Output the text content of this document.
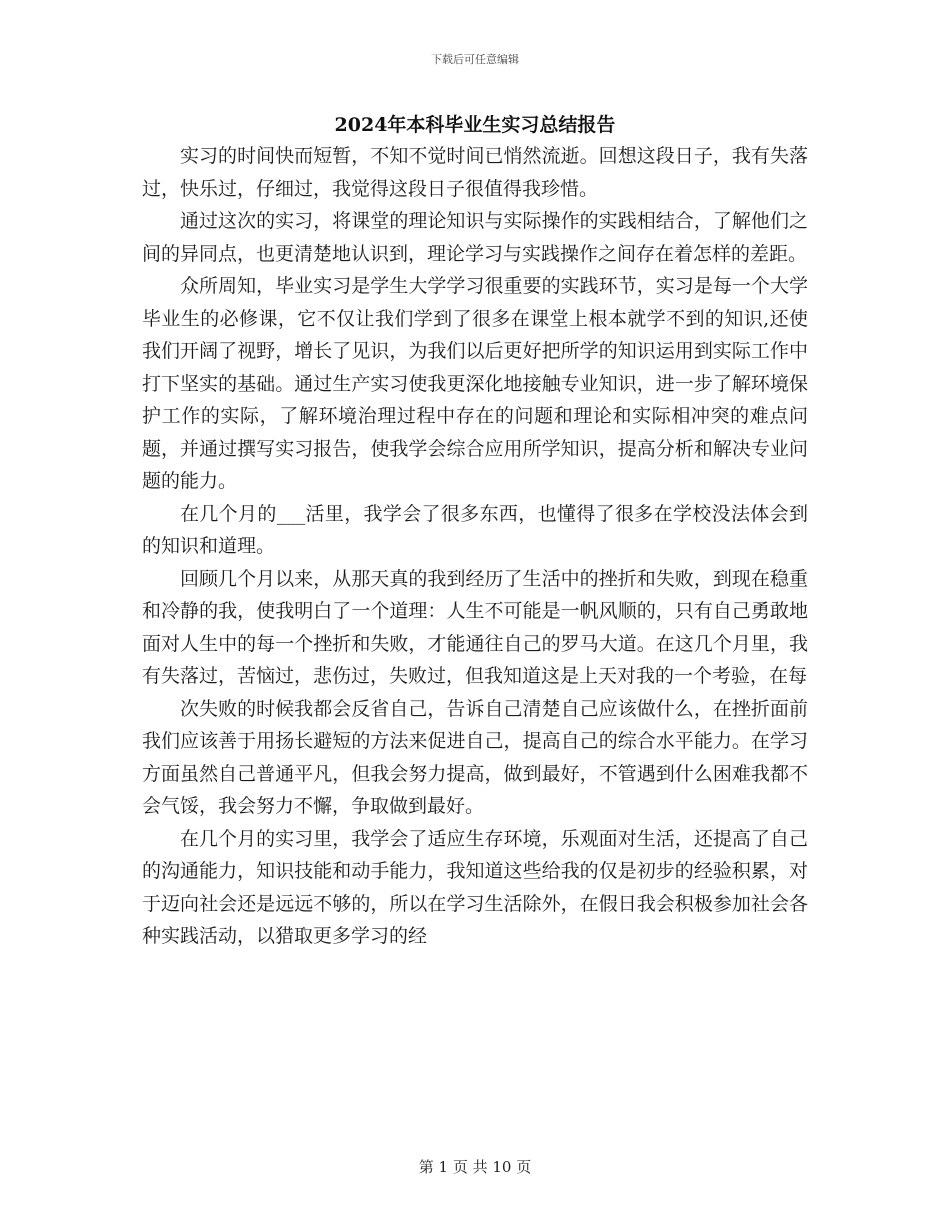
下载后可任意编辑
2024年本科毕业生实习总结报告

实习的时间快而短暂，不知不觉时间已悄然流逝。回想这段日子，我有失落过，快乐过，仔细过，我觉得这段日子很值得我珍惜。

通过这次的实习，将课堂的理论知识与实际操作的实践相结合，了解他们之间的异同点，也更清楚地认识到，理论学习与实践操作之间存在着怎样的差距。

众所周知，毕业实习是学生大学学习很重要的实践环节，实习是每一个大学毕业生的必修课，它不仅让我们学到了很多在课堂上根本就学不到的知识,还使我们开阔了视野，增长了见识，为我们以后更好把所学的知识运用到实际工作中打下坚实的基础。通过生产实习使我更深化地接触专业知识，进一步了解环境保护工作的实际，了解环境治理过程中存在的问题和理论和实际相冲突的难点问题，并通过撰写实习报告，使我学会综合应用所学知识，提高分析和解决专业问题的能力。

在几个月的___活里，我学会了很多东西，也懂得了很多在学校没法体会到的知识和道理。

回顾几个月以来，从那天真的我到经历了生活中的挫折和失败，到现在稳重和冷静的我，使我明白了一个道理：人生不可能是一帆风顺的，只有自己勇敢地面对人生中的每一个挫折和失败，才能通往自己的罗马大道。在这几个月里，我有失落过，苦恼过，悲伤过，失败过，但我知道这是上天对我的一个考验，在每

次失败的时候我都会反省自己，告诉自己清楚自己应该做什么，在挫折面前我们应该善于用扬长避短的方法来促进自己，提高自己的综合水平能力。在学习方面虽然自己普通平凡，但我会努力提高，做到最好，不管遇到什么困难我都不会气馁，我会努力不懈，争取做到最好。

在几个月的实习里，我学会了适应生存环境，乐观面对生活，还提高了自己的沟通能力，知识技能和动手能力，我知道这些给我的仅是初步的经验积累，对于迈向社会还是远远不够的，所以在学习生活除外，在假日我会积极参加社会各种实践活动，以猎取更多学习的经

第 1 页 共 10 页
